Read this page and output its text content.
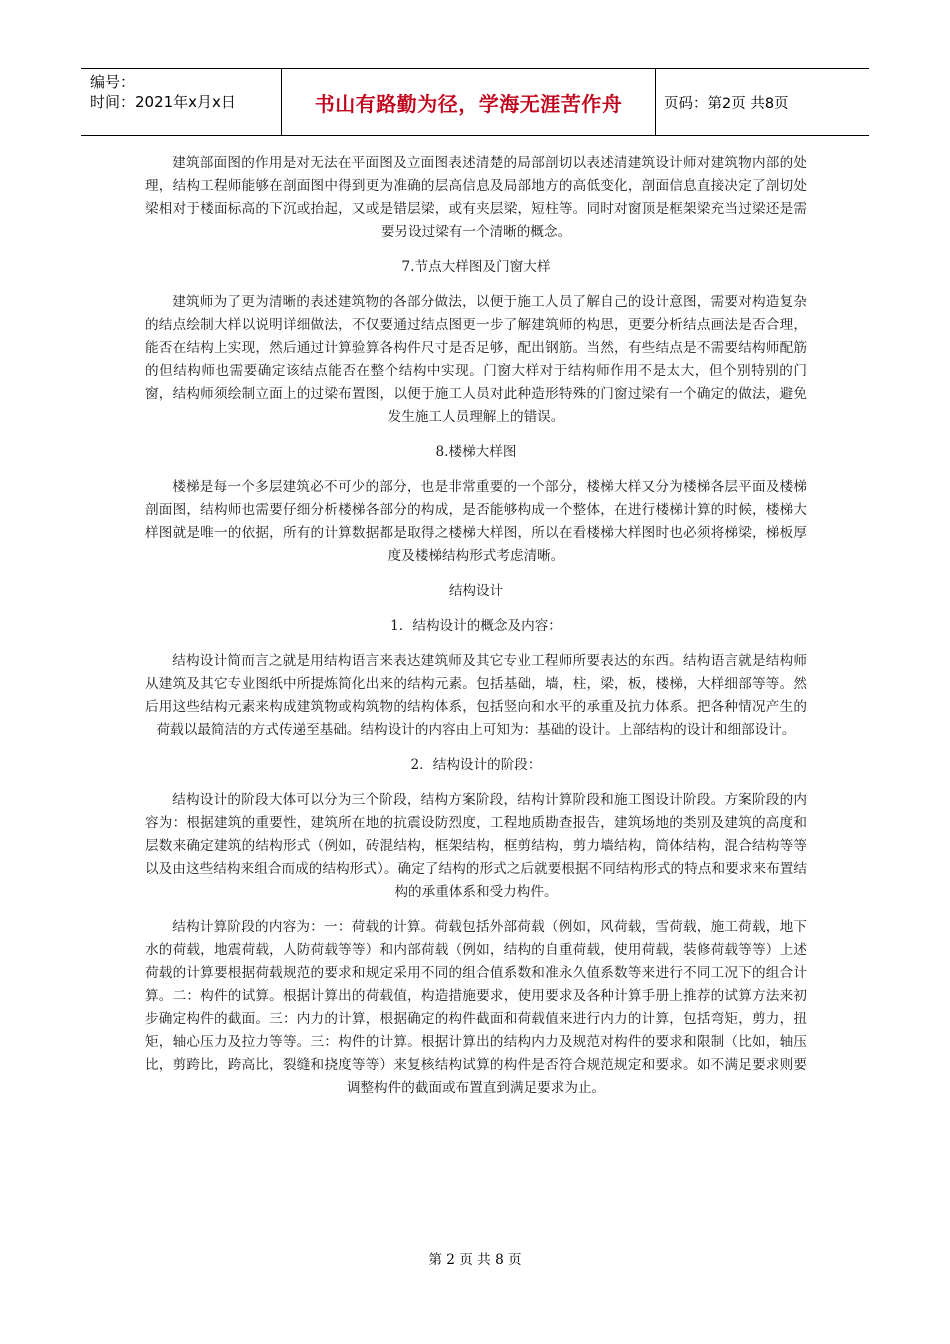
编号：
时间：2021年x月x日	书山有路勤为径，学海无涯苦作舟	页码：第2页 共8页

建筑部面图的作用是对无法在平面图及立面图表述清楚的局部剖切以表述清建筑设计师对建筑物内部的处理，结构工程师能够在剖面图中得到更为准确的层高信息及局部地方的高低变化，剖面信息直接决定了剖切处梁相对于楼面标高的下沉或抬起，又或是错层梁，或有夹层梁，短柱等。同时对窗顶是框架梁充当过梁还是需要另设过梁有一个清晰的概念。

7.节点大样图及门窗大样

建筑师为了更为清晰的表述建筑物的各部分做法，以便于施工人员了解自己的设计意图，需要对构造复杂的结点绘制大样以说明详细做法，不仅要通过结点图更一步了解建筑师的构思，更要分析结点画法是否合理，能否在结构上实现，然后通过计算验算各构件尺寸是否足够，配出钢筋。当然，有些结点是不需要结构师配筋的但结构师也需要确定该结点能否在整个结构中实现。门窗大样对于结构师作用不是太大，但个别特别的门窗，结构师须绘制立面上的过梁布置图，以便于施工人员对此种造形特殊的门窗过梁有一个确定的做法，避免发生施工人员理解上的错误。

8.楼梯大样图

楼梯是每一个多层建筑必不可少的部分，也是非常重要的一个部分，楼梯大样又分为楼梯各层平面及楼梯剖面图，结构师也需要仔细分析楼梯各部分的构成，是否能够构成一个整体，在进行楼梯计算的时候，楼梯大样图就是唯一的依据，所有的计算数据都是取得之楼梯大样图，所以在看楼梯大样图时也必须将梯梁，梯板厚度及楼梯结构形式考虑清晰。

结构设计

1．结构设计的概念及内容：

结构设计简而言之就是用结构语言来表达建筑师及其它专业工程师所要表达的东西。结构语言就是结构师从建筑及其它专业图纸中所提炼简化出来的结构元素。包括基础，墙，柱，梁，板，楼梯，大样细部等等。然后用这些结构元素来构成建筑物或构筑物的结构体系，包括竖向和水平的承重及抗力体系。把各种情况产生的荷载以最简洁的方式传递至基础。结构设计的内容由上可知为：基础的设计。上部结构的设计和细部设计。

2．结构设计的阶段：

结构设计的阶段大体可以分为三个阶段，结构方案阶段，结构计算阶段和施工图设计阶段。方案阶段的内容为：根据建筑的重要性，建筑所在地的抗震设防烈度，工程地质勘查报告，建筑场地的类别及建筑的高度和层数来确定建筑的结构形式（例如，砖混结构，框架结构，框剪结构，剪力墙结构，筒体结构，混合结构等等以及由这些结构来组合而成的结构形式）。确定了结构的形式之后就要根据不同结构形式的特点和要求来布置结构的承重体系和受力构件。

结构计算阶段的内容为：一：荷载的计算。荷载包括外部荷载（例如，风荷载，雪荷载，施工荷载，地下水的荷载，地震荷载，人防荷载等等）和内部荷载（例如，结构的自重荷载，使用荷载，装修荷载等等）上述荷载的计算要根据荷载规范的要求和规定采用不同的组合值系数和准永久值系数等来进行不同工况下的组合计算。二：构件的试算。根据计算出的荷载值，构造措施要求，使用要求及各种计算手册上推荐的试算方法来初步确定构件的截面。三：内力的计算，根据确定的构件截面和荷载值来进行内力的计算，包括弯矩，剪力，扭矩，轴心压力及拉力等等。三：构件的计算。根据计算出的结构内力及规范对构件的要求和限制（比如，轴压比，剪跨比，跨高比，裂缝和挠度等等）来复核结构试算的构件是否符合规范规定和要求。如不满足要求则要调整构件的截面或布置直到满足要求为止。

第 2 页 共 8 页
